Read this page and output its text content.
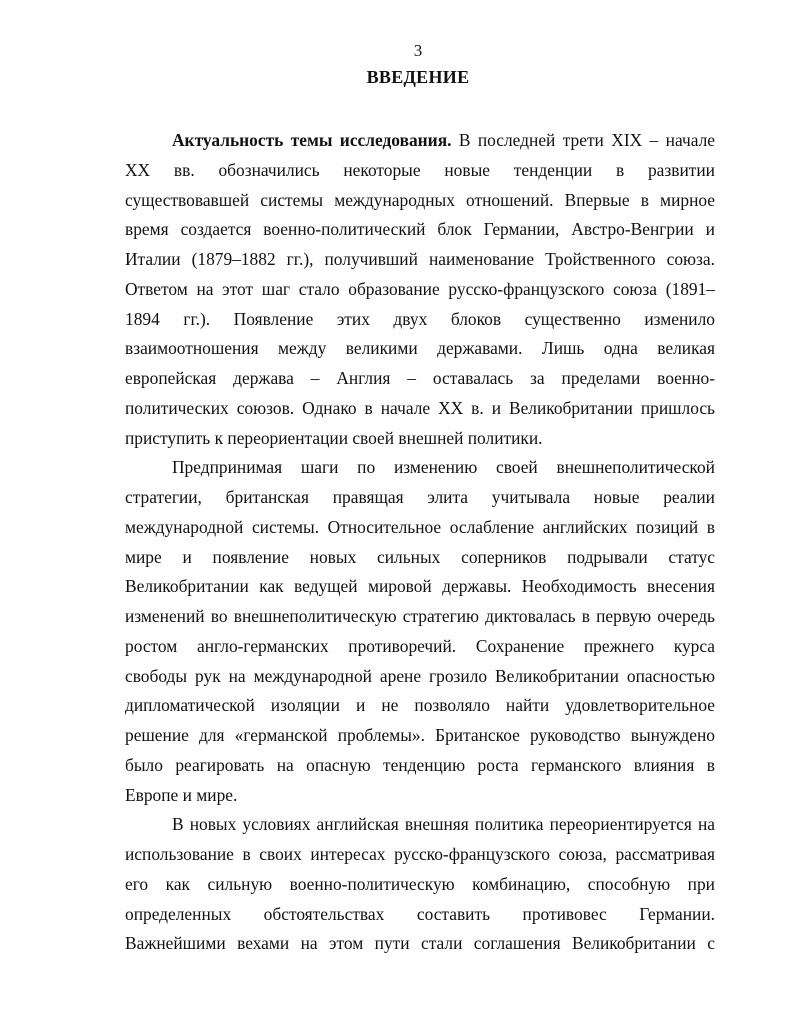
3
ВВЕДЕНИЕ

Актуальность темы исследования. В последней трети XIX – начале
XX вв. обозначились некоторые новые тенденции в развитии
существовавшей системы международных отношений. Впервые в мирное
время создается военно-политический блок Германии, Австро-Венгрии и
Италии (1879–1882 гг.), получивший наименование Тройственного союза.
Ответом на этот шаг стало образование русско-французского союза (1891–
1894 гг.). Появление этих двух блоков существенно изменило
взаимоотношения между великими державами. Лишь одна великая
европейская держава – Англия – оставалась за пределами военно-
политических союзов. Однако в начале XX в. и Великобритании пришлось
приступить к переориентации своей внешней политики.

Предпринимая шаги по изменению своей внешнеполитической
стратегии, британская правящая элита учитывала новые реалии
международной системы. Относительное ослабление английских позиций в
мире и появление новых сильных соперников подрывали статус
Великобритании как ведущей мировой державы. Необходимость внесения
изменений во внешнеполитическую стратегию диктовалась в первую очередь
ростом англо-германских противоречий. Сохранение прежнего курса
свободы рук на международной арене грозило Великобритании опасностью
дипломатической изоляции и не позволяло найти удовлетворительное
решение для «германской проблемы». Британское руководство вынуждено
было реагировать на опасную тенденцию роста германского влияния в
Европе и мире.

В новых условиях английская внешняя политика переориентируется на
использование в своих интересах русско-французского союза, рассматривая
его как сильную военно-политическую комбинацию, способную при
определенных обстоятельствах составить противовес Германии.
Важнейшими вехами на этом пути стали соглашения Великобритании с
